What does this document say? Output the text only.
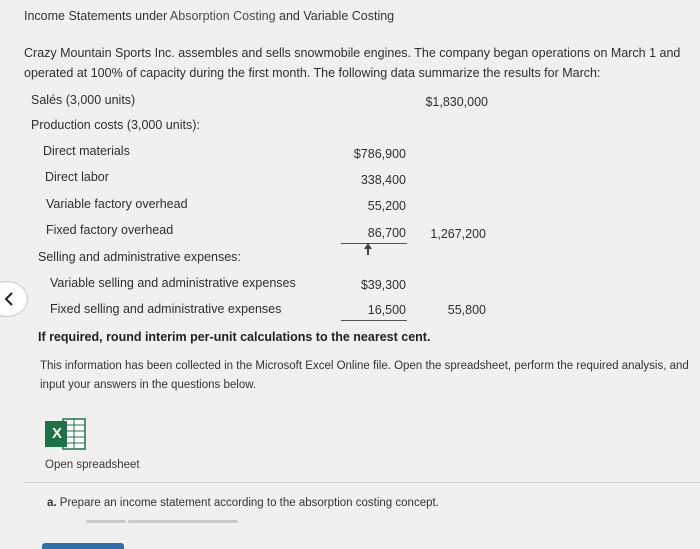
Income Statements under Absorption Costing and Variable Costing
Crazy Mountain Sports Inc. assembles and sells snowmobile engines. The company began operations on March 1 and operated at 100% of capacity during the first month. The following data summarize the results for March:
Salés (3,000 units)	$1,830,000
Production costs (3,000 units):
Direct materials	$786,900
Direct labor	338,400
Variable factory overhead	55,200
Fixed factory overhead	86,700	1,267,200
Selling and administrative expenses:
Variable selling and administrative expenses	$39,300
Fixed selling and administrative expenses	16,500	55,800
If required, round interim per-unit calculations to the nearest cent.
This information has been collected in the Microsoft Excel Online file. Open the spreadsheet, perform the required analysis, and input your answers in the questions below.
X
Open spreadsheet
a. Prepare an income statement according to the absorption costing concept.
